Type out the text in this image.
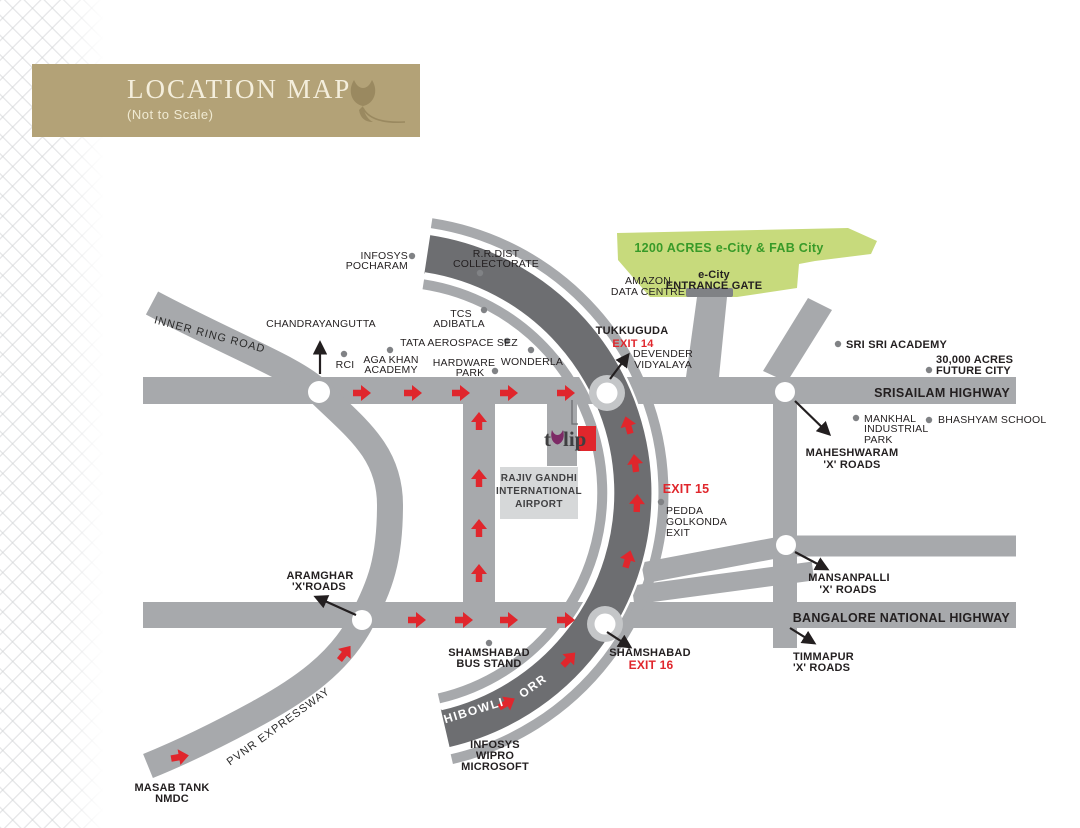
LOCATION MAP
(Not to Scale)
RAJIV GANDHI
INTERNATIONAL
AIRPORT
t lip
SRISAILAM HIGHWAY
BANGALORE NATIONAL HIGHWAY
INNER RING ROAD
PVNR EXPRESSWAY	GACHIBOWLI
ORR
1200 ACRES e-City & FAB City
AMAZON
DATA CENTRE
e-City
ENTRANCE GATE
TUKKUGUDA
EXIT 14
EXIT 15
PEDDA
GOLKONDA
EXIT
SHAMSHABAD
EXIT 16
ARAMGHAR
'X'ROADS
MAHESHWARAM
'X' ROADS
MANSANPALLI
'X' ROADS
TIMMAPUR
'X' ROADS
INFOSYS
POCHARAM
R.R.DIST
COLLECTORATE
CHANDRAYANGUTTA
TCS
ADIBATLA
TATA AEROSPACE SEZ
RCI AGA KHAN
ACADEMY
HARDWARE
PARK
WONDERLA
DEVENDER
VIDYALAYA
SRI SRI ACADEMY
30,000 ACRES
FUTURE CITY
MANKHAL
INDUSTRIAL
PARK
BHASHYAM SCHOOL
SHAMSHABAD
BUS STAND
INFOSYS
WIPRO
MICROSOFT
MASAB TANK
NMDC
